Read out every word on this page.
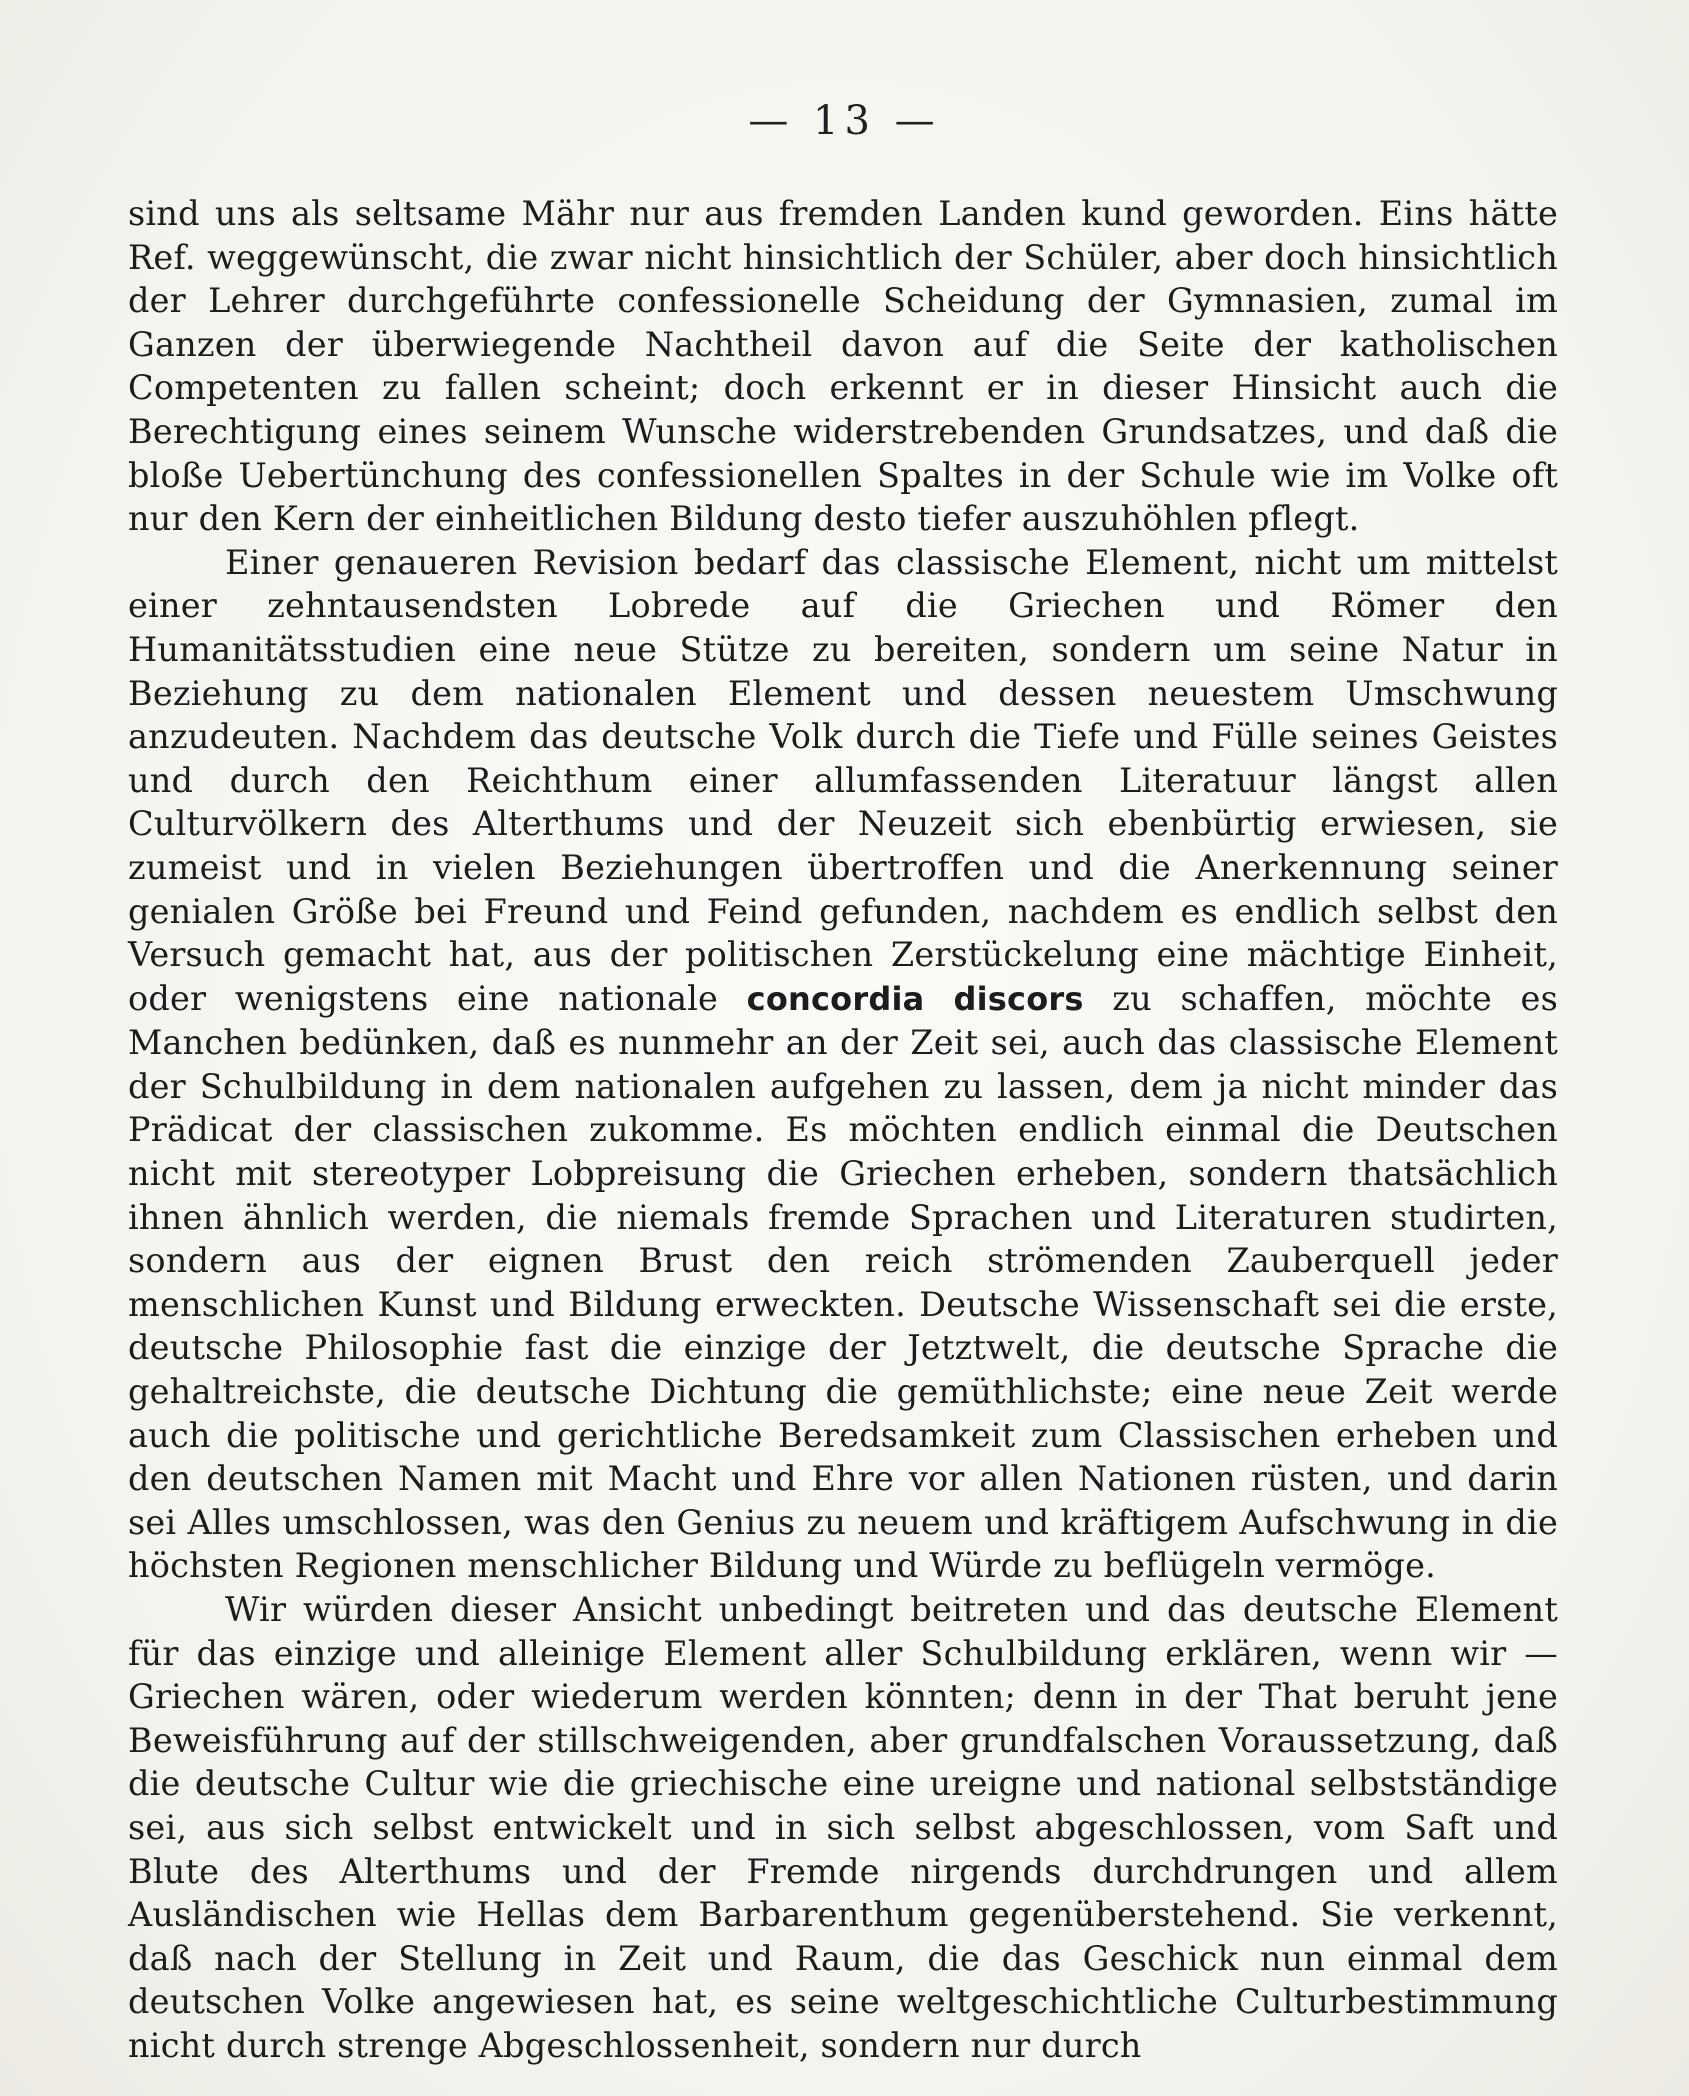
— 13 —

sind uns als seltsame Mähr nur aus fremden Landen kund geworden. Eins hätte Ref. weggewünscht, die zwar nicht hinsichtlich der Schüler, aber doch hinsichtlich der Lehrer durchgeführte confessionelle Scheidung der Gymnasien, zumal im Ganzen der überwiegende Nachtheil davon auf die Seite der katholischen Competenten zu fallen scheint; doch erkennt er in dieser Hinsicht auch die Berechtigung eines seinem Wunsche widerstrebenden Grundsatzes, und daß die bloße Uebertünchung des confessionellen Spaltes in der Schule wie im Volke oft nur den Kern der einheitlichen Bildung desto tiefer auszuhöhlen pflegt.

Einer genaueren Revision bedarf das classische Element, nicht um mittelst einer zehntausendsten Lobrede auf die Griechen und Römer den Humanitätsstudien eine neue Stütze zu bereiten, sondern um seine Natur in Beziehung zu dem nationalen Element und dessen neuestem Umschwung anzudeuten. Nachdem das deutsche Volk durch die Tiefe und Fülle seines Geistes und durch den Reichthum einer allumfassenden Literatuur längst allen Culturvölkern des Alterthums und der Neuzeit sich ebenbürtig erwiesen, sie zumeist und in vielen Beziehungen übertroffen und die Anerkennung seiner genialen Größe bei Freund und Feind gefunden, nachdem es endlich selbst den Versuch gemacht hat, aus der politischen Zerstückelung eine mächtige Einheit, oder wenigstens eine nationale concordia discors zu schaffen, möchte es Manchen bedünken, daß es nunmehr an der Zeit sei, auch das classische Element der Schulbildung in dem nationalen aufgehen zu lassen, dem ja nicht minder das Prädicat der classischen zukomme. Es möchten endlich einmal die Deutschen nicht mit stereotyper Lobpreisung die Griechen erheben, sondern thatsächlich ihnen ähnlich werden, die niemals fremde Sprachen und Literaturen studirten, sondern aus der eignen Brust den reich strömenden Zauberquell jeder menschlichen Kunst und Bildung erweckten. Deutsche Wissenschaft sei die erste, deutsche Philosophie fast die einzige der Jetztwelt, die deutsche Sprache die gehaltreichste, die deutsche Dichtung die gemüthlichste; eine neue Zeit werde auch die politische und gerichtliche Beredsamkeit zum Classischen erheben und den deutschen Namen mit Macht und Ehre vor allen Nationen rüsten, und darin sei Alles umschlossen, was den Genius zu neuem und kräftigem Aufschwung in die höchsten Regionen menschlicher Bildung und Würde zu beflügeln vermöge.

Wir würden dieser Ansicht unbedingt beitreten und das deutsche Element für das einzige und alleinige Element aller Schulbildung erklären, wenn wir — Griechen wären, oder wiederum werden könnten; denn in der That beruht jene Beweisführung auf der stillschweigenden, aber grundfalschen Voraussetzung, daß die deutsche Cultur wie die griechische eine ureigne und national selbstständige sei, aus sich selbst entwickelt und in sich selbst abgeschlossen, vom Saft und Blute des Alterthums und der Fremde nirgends durchdrungen und allem Ausländischen wie Hellas dem Barbarenthum gegenüberstehend. Sie verkennt, daß nach der Stellung in Zeit und Raum, die das Geschick nun einmal dem deutschen Volke angewiesen hat, es seine weltgeschichtliche Culturbestimmung nicht durch strenge Abgeschlossenheit, sondern nur durch
